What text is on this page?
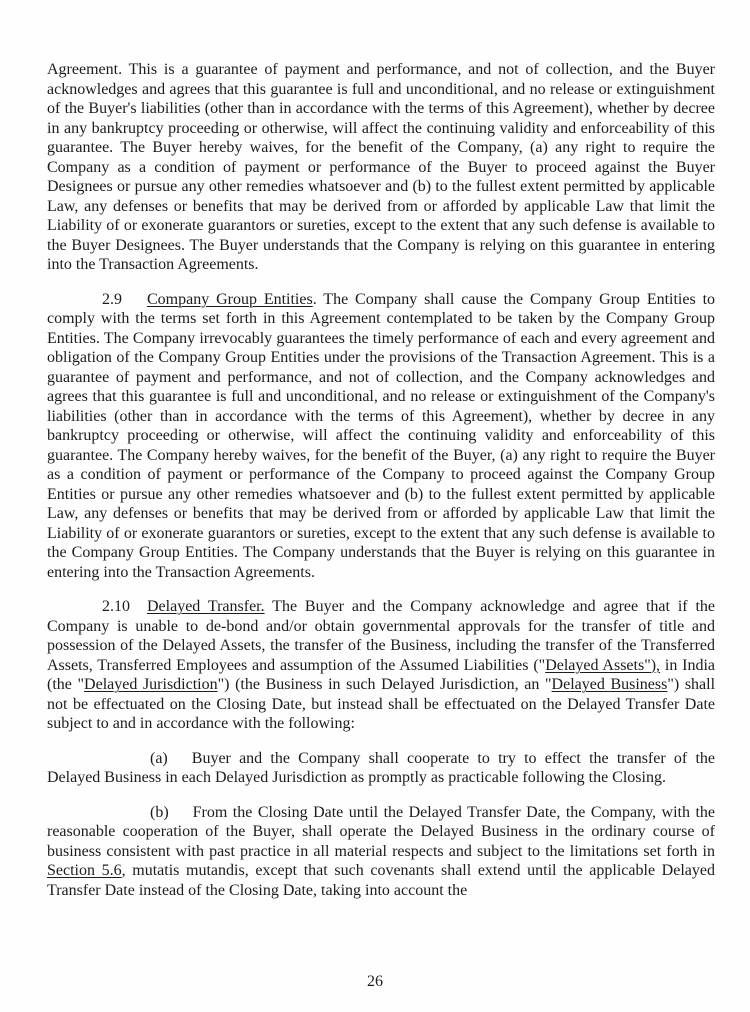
Agreement. This is a guarantee of payment and performance, and not of collection, and the Buyer acknowledges and agrees that this guarantee is full and unconditional, and no release or extinguishment of the Buyer's liabilities (other than in accordance with the terms of this Agreement), whether by decree in any bankruptcy proceeding or otherwise, will affect the continuing validity and enforceability of this guarantee. The Buyer hereby waives, for the benefit of the Company, (a) any right to require the Company as a condition of payment or performance of the Buyer to proceed against the Buyer Designees or pursue any other remedies whatsoever and (b) to the fullest extent permitted by applicable Law, any defenses or benefits that may be derived from or afforded by applicable Law that limit the Liability of or exonerate guarantors or sureties, except to the extent that any such defense is available to the Buyer Designees. The Buyer understands that the Company is relying on this guarantee in entering into the Transaction Agreements.

2.9 Company Group Entities. The Company shall cause the Company Group Entities to comply with the terms set forth in this Agreement contemplated to be taken by the Company Group Entities. The Company irrevocably guarantees the timely performance of each and every agreement and obligation of the Company Group Entities under the provisions of the Transaction Agreement. This is a guarantee of payment and performance, and not of collection, and the Company acknowledges and agrees that this guarantee is full and unconditional, and no release or extinguishment of the Company's liabilities (other than in accordance with the terms of this Agreement), whether by decree in any bankruptcy proceeding or otherwise, will affect the continuing validity and enforceability of this guarantee. The Company hereby waives, for the benefit of the Buyer, (a) any right to require the Buyer as a condition of payment or performance of the Company to proceed against the Company Group Entities or pursue any other remedies whatsoever and (b) to the fullest extent permitted by applicable Law, any defenses or benefits that may be derived from or afforded by applicable Law that limit the Liability of or exonerate guarantors or sureties, except to the extent that any such defense is available to the Company Group Entities. The Company understands that the Buyer is relying on this guarantee in entering into the Transaction Agreements.

2.10 Delayed Transfer. The Buyer and the Company acknowledge and agree that if the Company is unable to de-bond and/or obtain governmental approvals for the transfer of title and possession of the Delayed Assets, the transfer of the Business, including the transfer of the Transferred Assets, Transferred Employees and assumption of the Assumed Liabilities ("Delayed Assets"), in India (the "Delayed Jurisdiction") (the Business in such Delayed Jurisdiction, an "Delayed Business") shall not be effectuated on the Closing Date, but instead shall be effectuated on the Delayed Transfer Date subject to and in accordance with the following:

(a) Buyer and the Company shall cooperate to try to effect the transfer of the Delayed Business in each Delayed Jurisdiction as promptly as practicable following the Closing.

(b) From the Closing Date until the Delayed Transfer Date, the Company, with the reasonable cooperation of the Buyer, shall operate the Delayed Business in the ordinary course of business consistent with past practice in all material respects and subject to the limitations set forth in Section 5.6, mutatis mutandis, except that such covenants shall extend until the applicable Delayed Transfer Date instead of the Closing Date, taking into account the

26
